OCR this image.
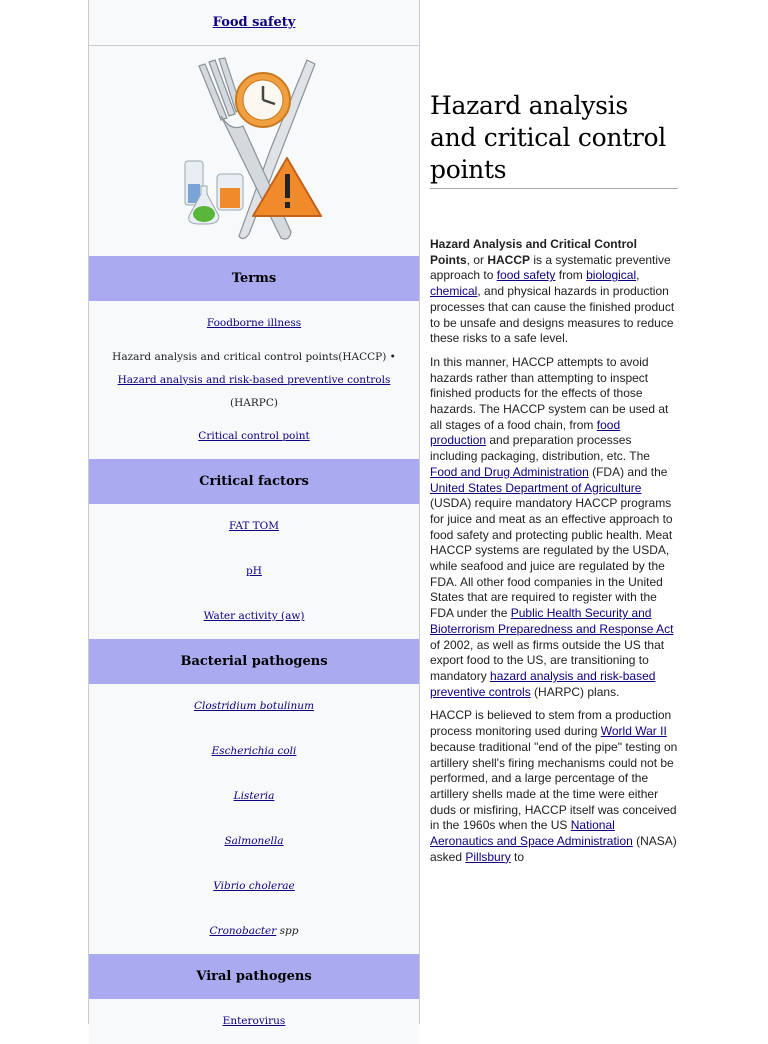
Food safety
Terms
Foodborne illness
Hazard analysis and critical control points(HACCP) • Hazard analysis and risk-based preventive controls (HARPC)
Critical control point
Critical factors
FAT TOM
pH
Water activity (aw)
Bacterial pathogens
Clostridium botulinum
Escherichia coli
Listeria
Salmonella
Vibrio cholerae
Cronobacter spp
Viral pathogens
Enterovirus
Hazard analysis and critical control points

Hazard Analysis and Critical Control Points, or HACCP is a systematic preventive approach to food safety from biological, chemical, and physical hazards in production processes that can cause the finished product to be unsafe and designs measures to reduce these risks to a safe level.

In this manner, HACCP attempts to avoid hazards rather than attempting to inspect finished products for the effects of those hazards. The HACCP system can be used at all stages of a food chain, from food production and preparation processes including packaging, distribution, etc. The Food and Drug Administration (FDA) and the United States Department of Agriculture (USDA) require mandatory HACCP programs for juice and meat as an effective approach to food safety and protecting public health. Meat HACCP systems are regulated by the USDA, while seafood and juice are regulated by the FDA. All other food companies in the United States that are required to register with the FDA under the Public Health Security and Bioterrorism Preparedness and Response Act of 2002, as well as firms outside the US that export food to the US, are transitioning to mandatory hazard analysis and risk-based preventive controls (HARPC) plans.

HACCP is believed to stem from a production process monitoring used during World War II because traditional "end of the pipe" testing on artillery shell's firing mechanisms could not be performed, and a large percentage of the artillery shells made at the time were either duds or misfiring, HACCP itself was conceived in the 1960s when the US National Aeronautics and Space Administration (NASA) asked Pillsbury to
